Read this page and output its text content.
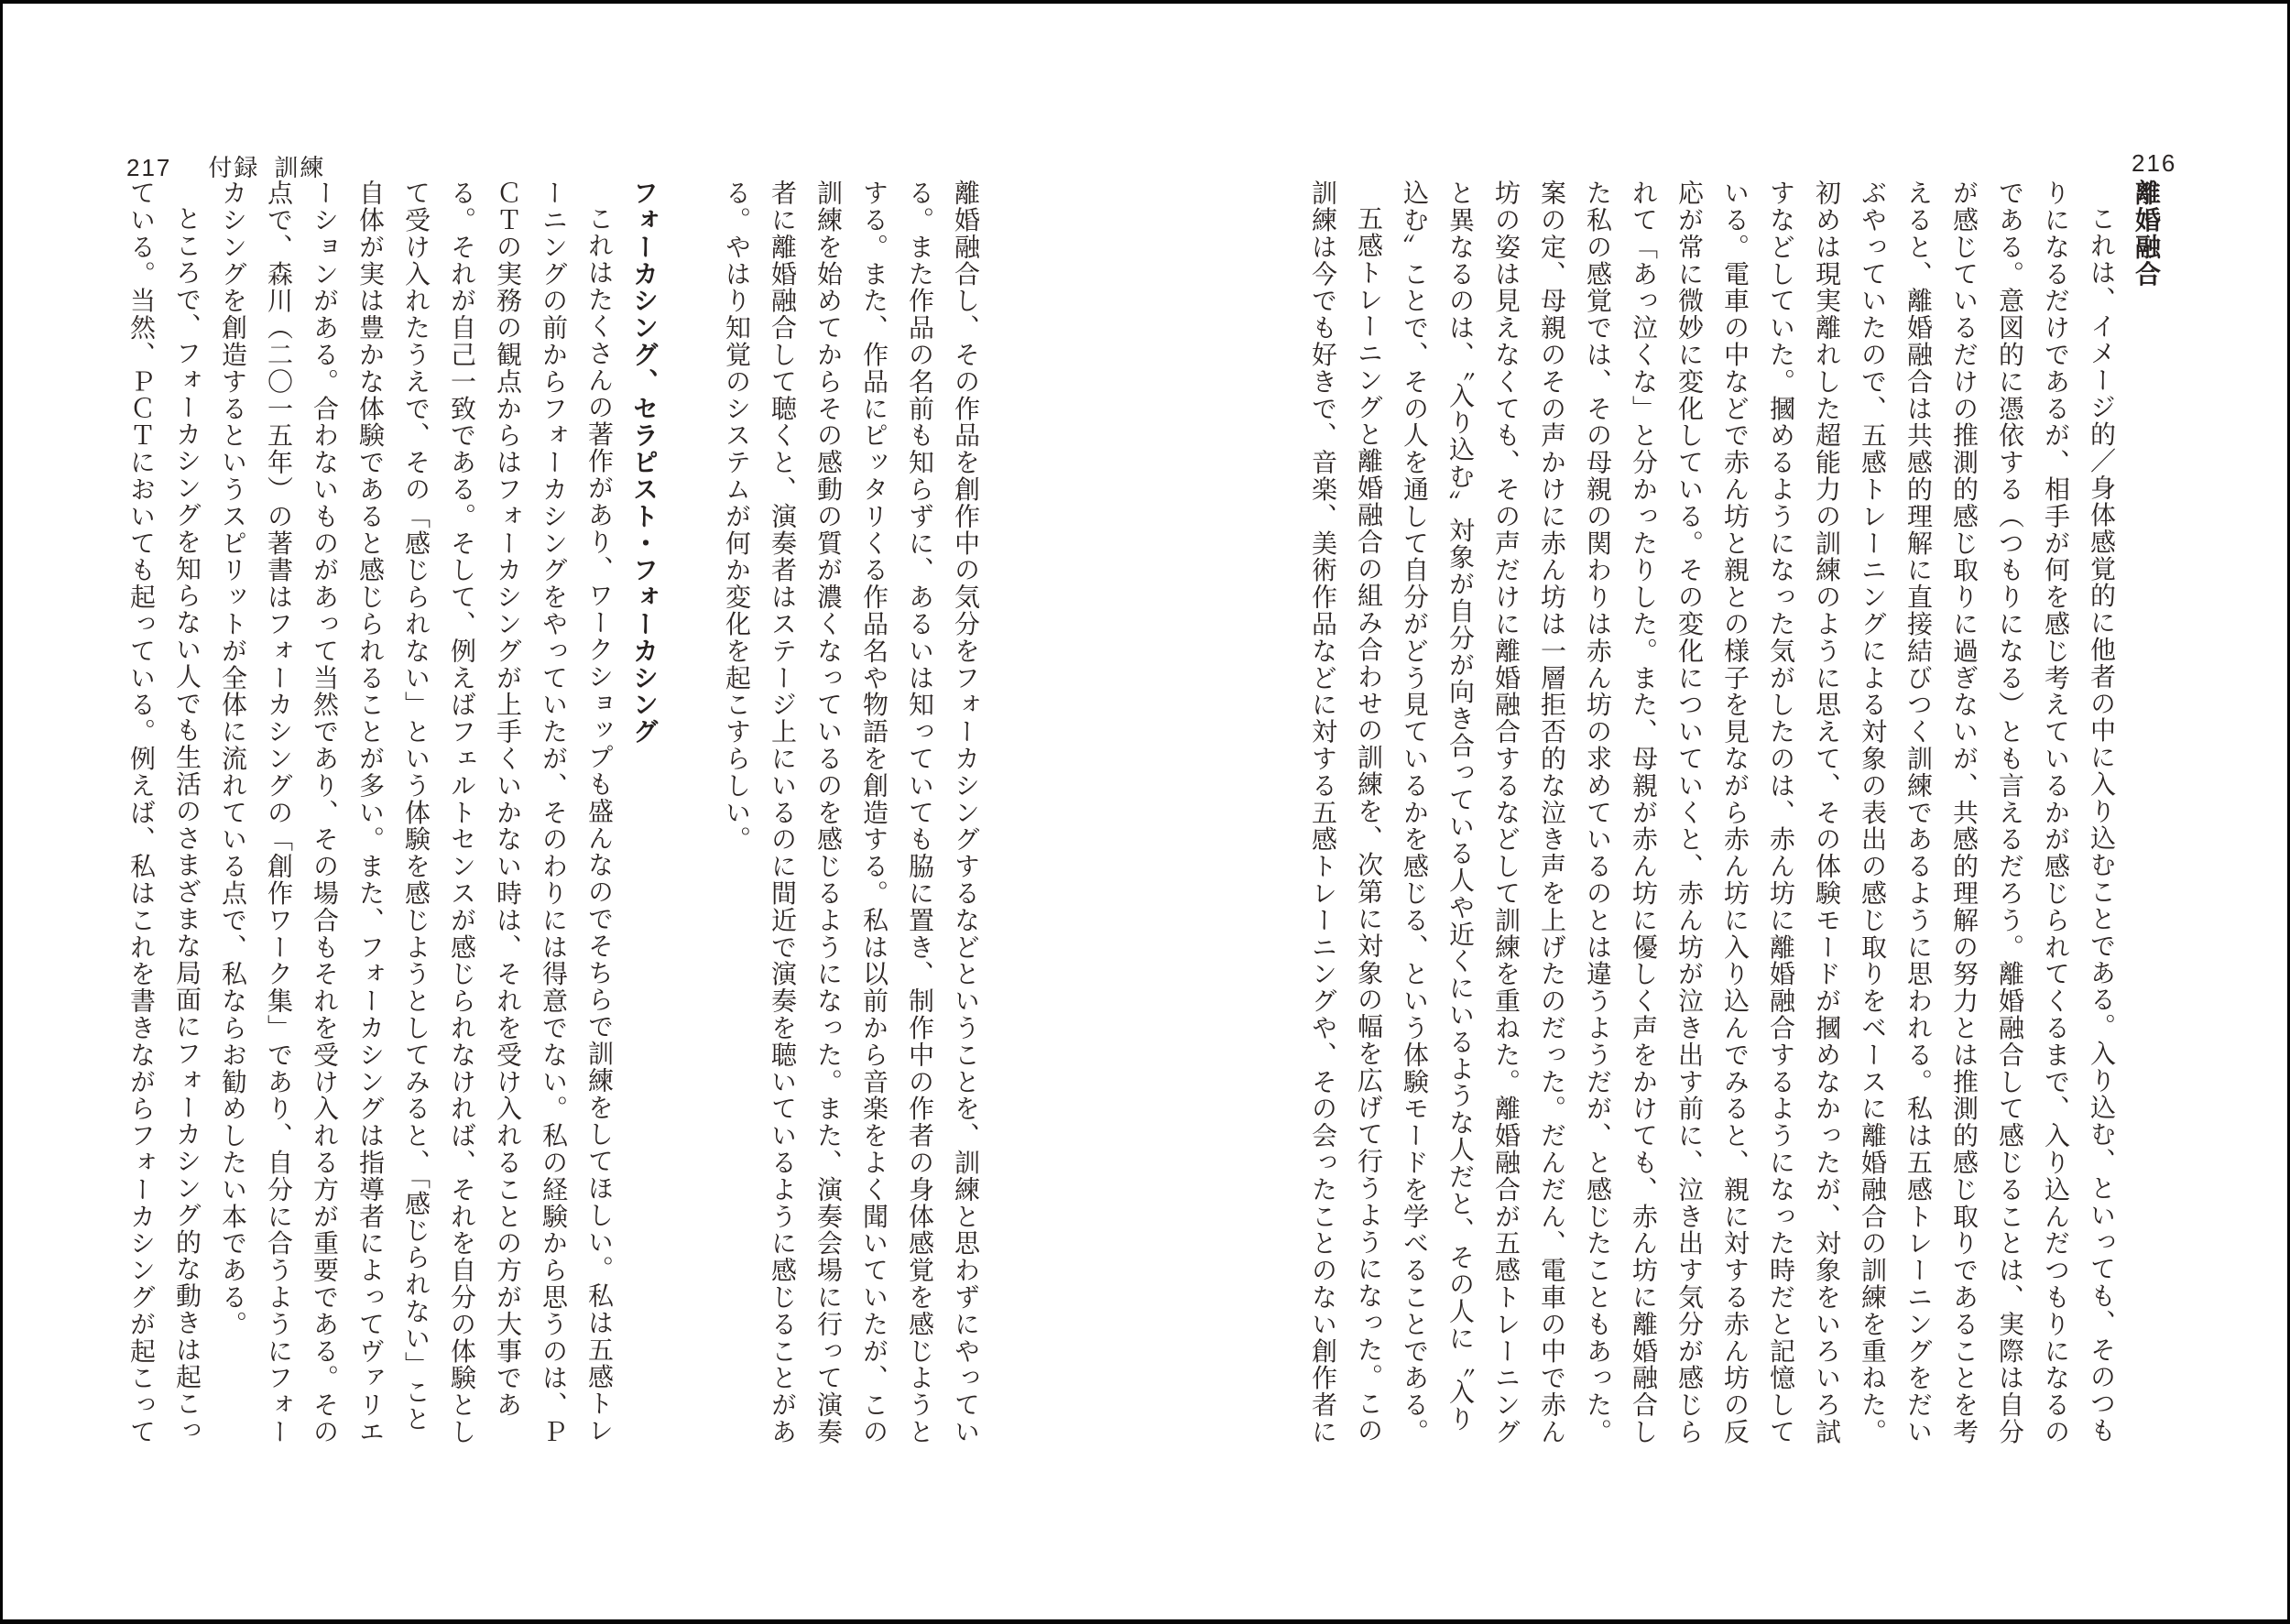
217 付録 訓練	216
離婚融合

これは、イメージ的／身体感覚的に他者の中に入り込むことである。入り込む、といっても、そのつもりになるだけであるが、相手が何を感じ考えているかが感じられてくるまで、入り込んだつもりになるのである。意図的に憑依する（つもりになる）とも言えるだろう。離婚融合して感じることは、実際は自分が感じているだけの推測的感じ取りに過ぎないが、共感的理解の努力とは推測的感じ取りであることを考えると、離婚融合は共感的理解に直接結びつく訓練であるように思われる。私は五感トレーニングをだいぶやっていたので、五感トレーニングによる対象の表出の感じ取りをベースに離婚融合の訓練を重ねた。初めは現実離れした超能力の訓練のように思えて、その体験モードが摑めなかったが、対象をいろいろ試すなどしていた。摑めるようになった気がしたのは、赤ん坊に離婚融合するようになった時だと記憶している。電車の中などで赤ん坊と親との様子を見ながら赤ん坊に入り込んでみると、親に対する赤ん坊の反応が常に微妙に変化している。その変化についていくと、赤ん坊が泣き出す前に、泣き出す気分が感じられて「あっ泣くな」と分かったりした。また、母親が赤ん坊に優しく声をかけても、赤ん坊に離婚融合した私の感覚では、その母親の関わりは赤ん坊の求めているのとは違うようだが、と感じたこともあった。案の定、母親のその声かけに赤ん坊は一層拒否的な泣き声を上げたのだった。だんだん、電車の中で赤ん坊の姿は見えなくても、その声だけに離婚融合するなどして訓練を重ねた。離婚融合が五感トレーニングと異なるのは、〝入り込む〟対象が自分が向き合っている人や近くにいるような人だと、その人に〝入り込む〟ことで、その人を通して自分がどう見ているかを感じる、という体験モードを学べることである。

五感トレーニングと離婚融合の組み合わせの訓練を、次第に対象の幅を広げて行うようになった。この訓練は今でも好きで、音楽、美術作品などに対する五感トレーニングや、その会ったことのない創作者に

離婚融合し、その作品を創作中の気分をフォーカシングするなどということを、訓練と思わずにやっている。また作品の名前も知らずに、あるいは知っていても脇に置き、制作中の作者の身体感覚を感じようとする。また、作品にピッタリくる作品名や物語を創造する。私は以前から音楽をよく聞いていたが、この訓練を始めてからその感動の質が濃くなっているのを感じるようになった。また、演奏会場に行って演奏者に離婚融合して聴くと、演奏者はステージ上にいるのに間近で演奏を聴いているように感じることがある。やはり知覚のシステムが何か変化を起こすらしい。

フォーカシング、セラピスト・フォーカシング

これはたくさんの著作があり、ワークショップも盛んなのでそちらで訓練をしてほしい。私は五感トレーニングの前からフォーカシングをやっていたが、そのわりには得意でない。私の経験から思うのは、ＰＣＴの実務の観点からはフォーカシングが上手くいかない時は、それを受け入れることの方が大事である。それが自己一致である。そして、例えばフェルトセンスが感じられなければ、それを自分の体験として受け入れたうえで、その「感じられない」という体験を感じようとしてみると、「感じられない」こと自体が実は豊かな体験であると感じられることが多い。また、フォーカシングは指導者によってヴァリエーションがある。合わないものがあって当然であり、その場合もそれを受け入れる方が重要である。その点で、森川（二〇一五年）の著書はフォーカシングの「創作ワーク集」であり、自分に合うようにフォーカシングを創造するというスピリットが全体に流れている点で、私ならお勧めしたい本である。

ところで、フォーカシングを知らない人でも生活のさまざまな局面にフォーカシング的な動きは起こっている。当然、ＰＣＴにおいても起っている。例えば、私はこれを書きながらフォーカシングが起こって
